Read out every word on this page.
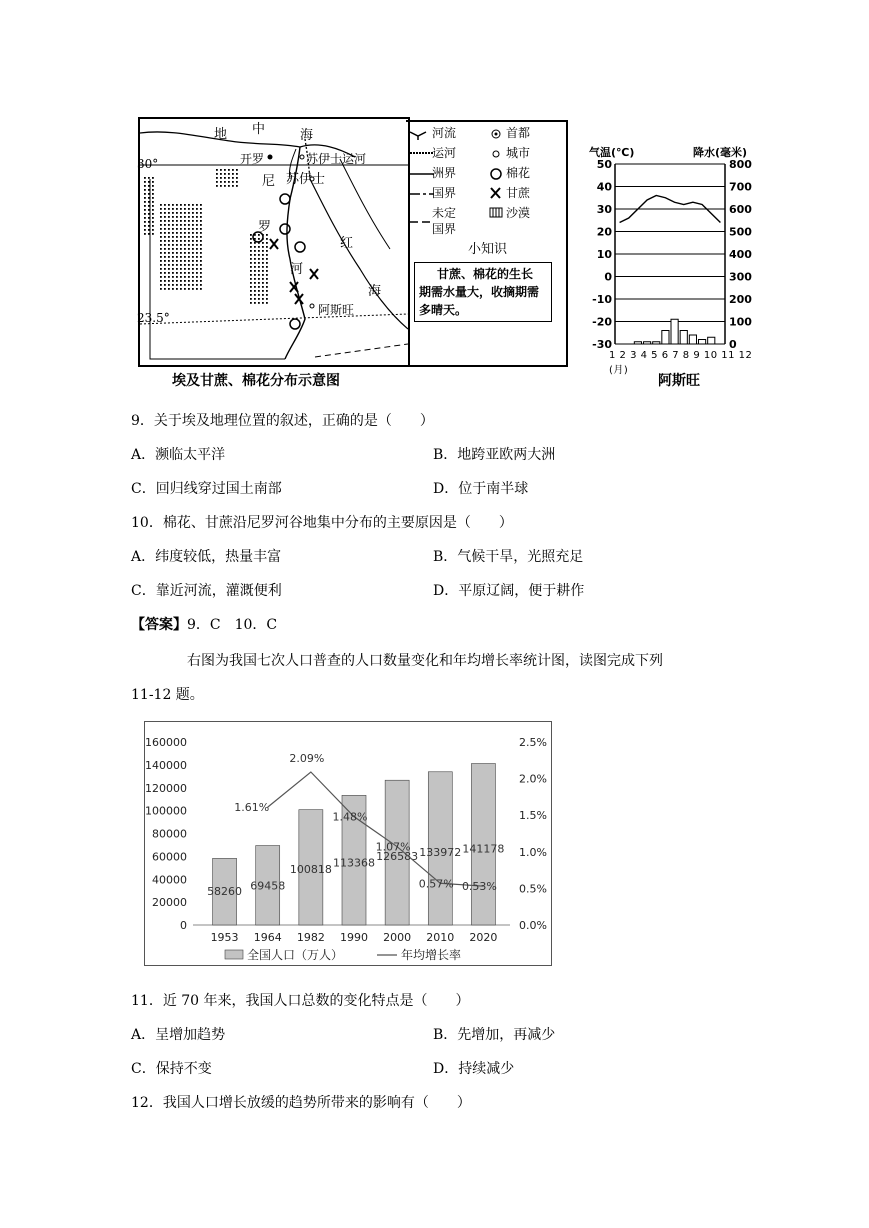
地 中	海
开罗	苏伊士运河
尼 苏伊士
罗
河
红
海
阿斯旺
30°
23.5°
河流
运河
洲界
国界
未定
国界
首都
城市
棉花
甘蔗
沙漠
小知识
甘蔗、棉花的生长
期需水量大，收摘期需
多晴天。
埃及甘蔗、棉花分布示意图
气温(℃)	降水(毫米)
50
40
30
20
10
0
-10
-20
-30
800
700
600
500
400
300
200
100
0
1 2 3 4 5 6 7 8 9 10 11 12 (月)
阿斯旺
9．关于埃及地理位置的叙述，正确的是（　　）
A．濒临太平洋	B．地跨亚欧两大洲
C．回归线穿过国土南部	D．位于南半球
10．棉花、甘蔗沿尼罗河谷地集中分布的主要原因是（　　）
A．纬度较低，热量丰富	B．气候干旱，光照充足
C．靠近河流，灌溉便利	D．平原辽阔，便于耕作
【答案】9．C　10．C
右图为我国七次人口普查的人口数量变化和年均增长率统计图，读图完成下列
11-12 题。
160000
140000
120000
100000
80000
60000
40000
20000
0
2.5%
2.0%
1.5%
1.0%
0.5%
0.0%
58260
1953
69458
1964
100818
1982
113368
1990
126583
2000
133972
2010
141178
2020
1.61%
2.09%
1.48%
1.07%
0.57% 0.53%
全国人口（万人）	年均增长率
11．近 70 年来，我国人口总数的变化特点是（　　）
A．呈增加趋势	B．先增加，再减少
C．保持不变	D．持续减少
12．我国人口增长放缓的趋势所带来的影响有（　　）
